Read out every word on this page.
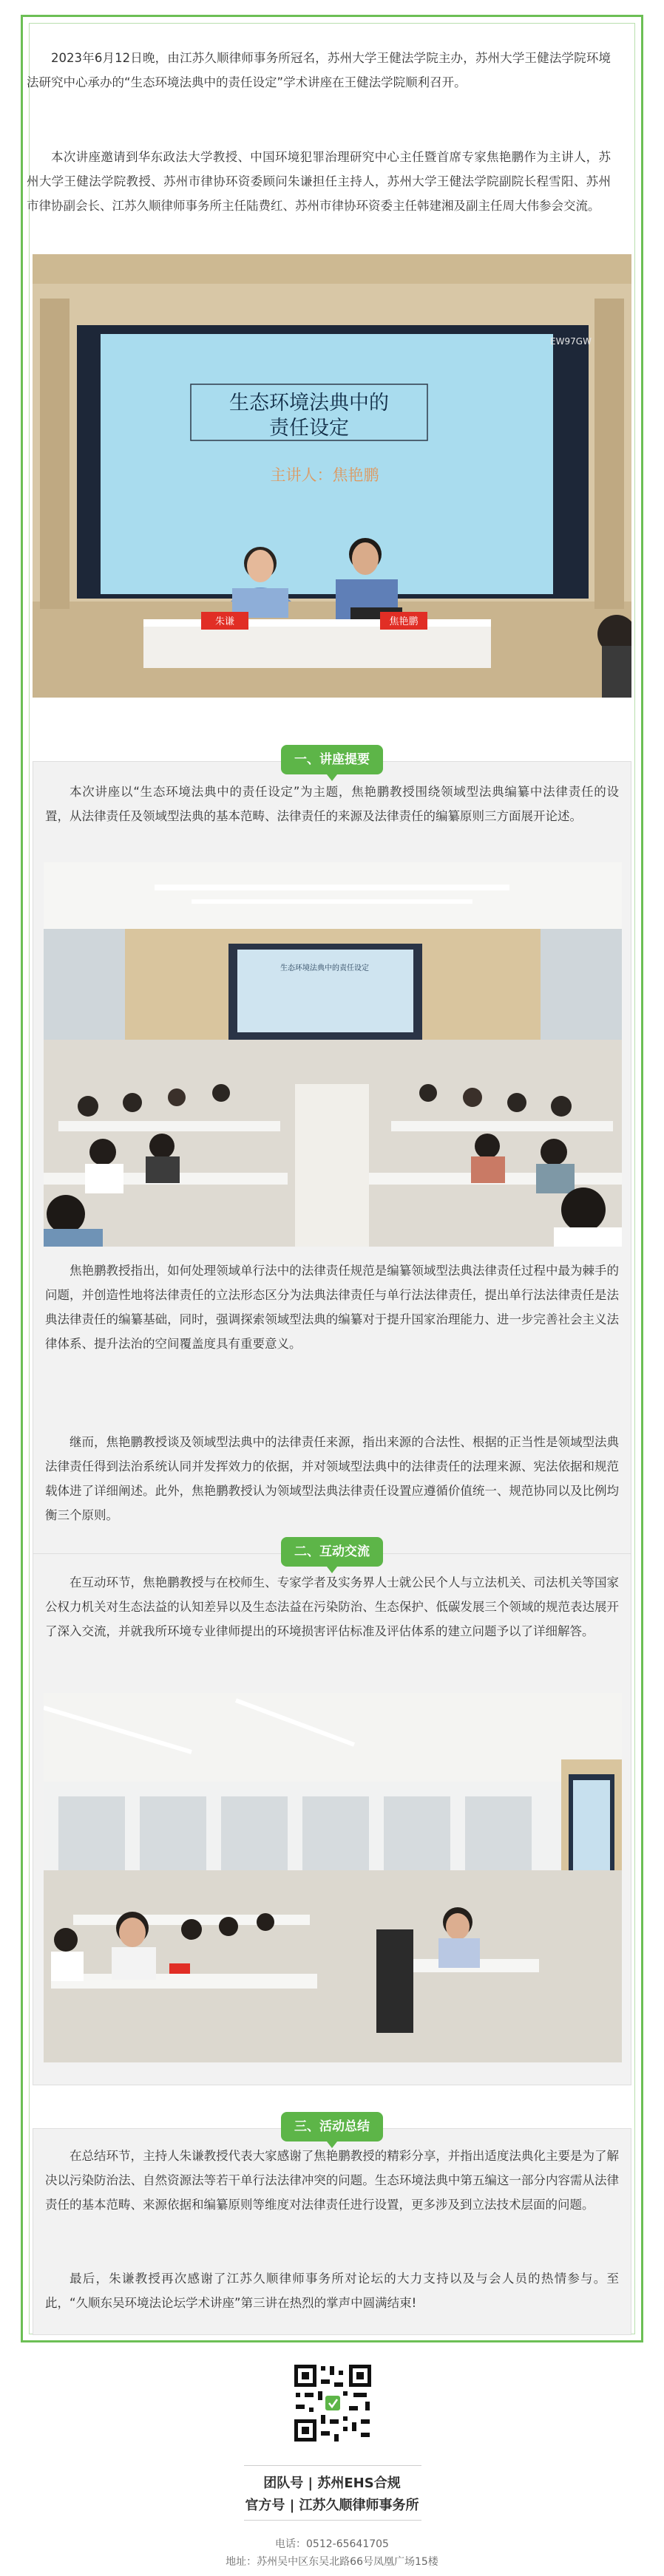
2023年6月12日晚，由江苏久顺律师事务所冠名，苏州大学王健法学院主办，苏州大学王健法学院环境法研究中心承办的“生态环境法典中的责任设定”学术讲座在王健法学院顺利召开。

本次讲座邀请到华东政法大学教授、中国环境犯罪治理研究中心主任暨首席专家焦艳鹏作为主讲人，苏州大学王健法学院教授、苏州市律协环资委顾问朱谦担任主持人，苏州大学王健法学院副院长程雪阳、苏州市律协副会长、江苏久顺律师事务所主任陆费红、苏州市律协环资委主任韩建湘及副主任周大伟参会交流。

生态环境法典中的
责任设定
主讲人：焦艳鹏
EW97GW
朱谦	焦艳鹏

本次讲座以“生态环境法典中的责任设定”为主题，焦艳鹏教授围绕领域型法典编纂中法律责任的设置，从法律责任及领域型法典的基本范畴、法律责任的来源及法律责任的编纂原则三方面展开论述。

生态环境法典中的责任设定

焦艳鹏教授指出，如何处理领域单行法中的法律责任规范是编纂领域型法典法律责任过程中最为棘手的问题，并创造性地将法律责任的立法形态区分为法典法律责任与单行法法律责任，提出单行法法律责任是法典法律责任的编纂基础，同时，强调探索领域型法典的编纂对于提升国家治理能力、进一步完善社会主义法律体系、提升法治的空间覆盖度具有重要意义。

继而，焦艳鹏教授谈及领域型法典中的法律责任来源，指出来源的合法性、根据的正当性是领域型法典法律责任得到法治系统认同并发挥效力的依据，并对领域型法典中的法律责任的法理来源、宪法依据和规范载体进了详细阐述。此外，焦艳鹏教授认为领域型法典法律责任设置应遵循价值统一、规范协同以及比例均衡三个原则。

一、讲座提要

在互动环节，焦艳鹏教授与在校师生、专家学者及实务界人士就公民个人与立法机关、司法机关等国家公权力机关对生态法益的认知差异以及生态法益在污染防治、生态保护、低碳发展三个领域的规范表达展开了深入交流，并就我所环境专业律师提出的环境损害评估标准及评估体系的建立问题予以了详细解答。

二、互动交流

在总结环节，主持人朱谦教授代表大家感谢了焦艳鹏教授的精彩分享，并指出适度法典化主要是为了解决以污染防治法、自然资源法等若干单行法法律冲突的问题。生态环境法典中第五编这一部分内容需从法律责任的基本范畴、来源依据和编纂原则等维度对法律责任进行设置，更多涉及到立法技术层面的问题。

最后，朱谦教授再次感谢了江苏久顺律师事务所对论坛的大力支持以及与会人员的热情参与。至此，“久顺东吴环境法论坛学术讲座”第三讲在热烈的掌声中圆满结束!

三、活动总结
团队号 | 苏州EHS合规
官方号 | 江苏久顺律师事务所
电话：0512-65641705
地址：苏州吴中区东吴北路66号凤凰广场15楼
